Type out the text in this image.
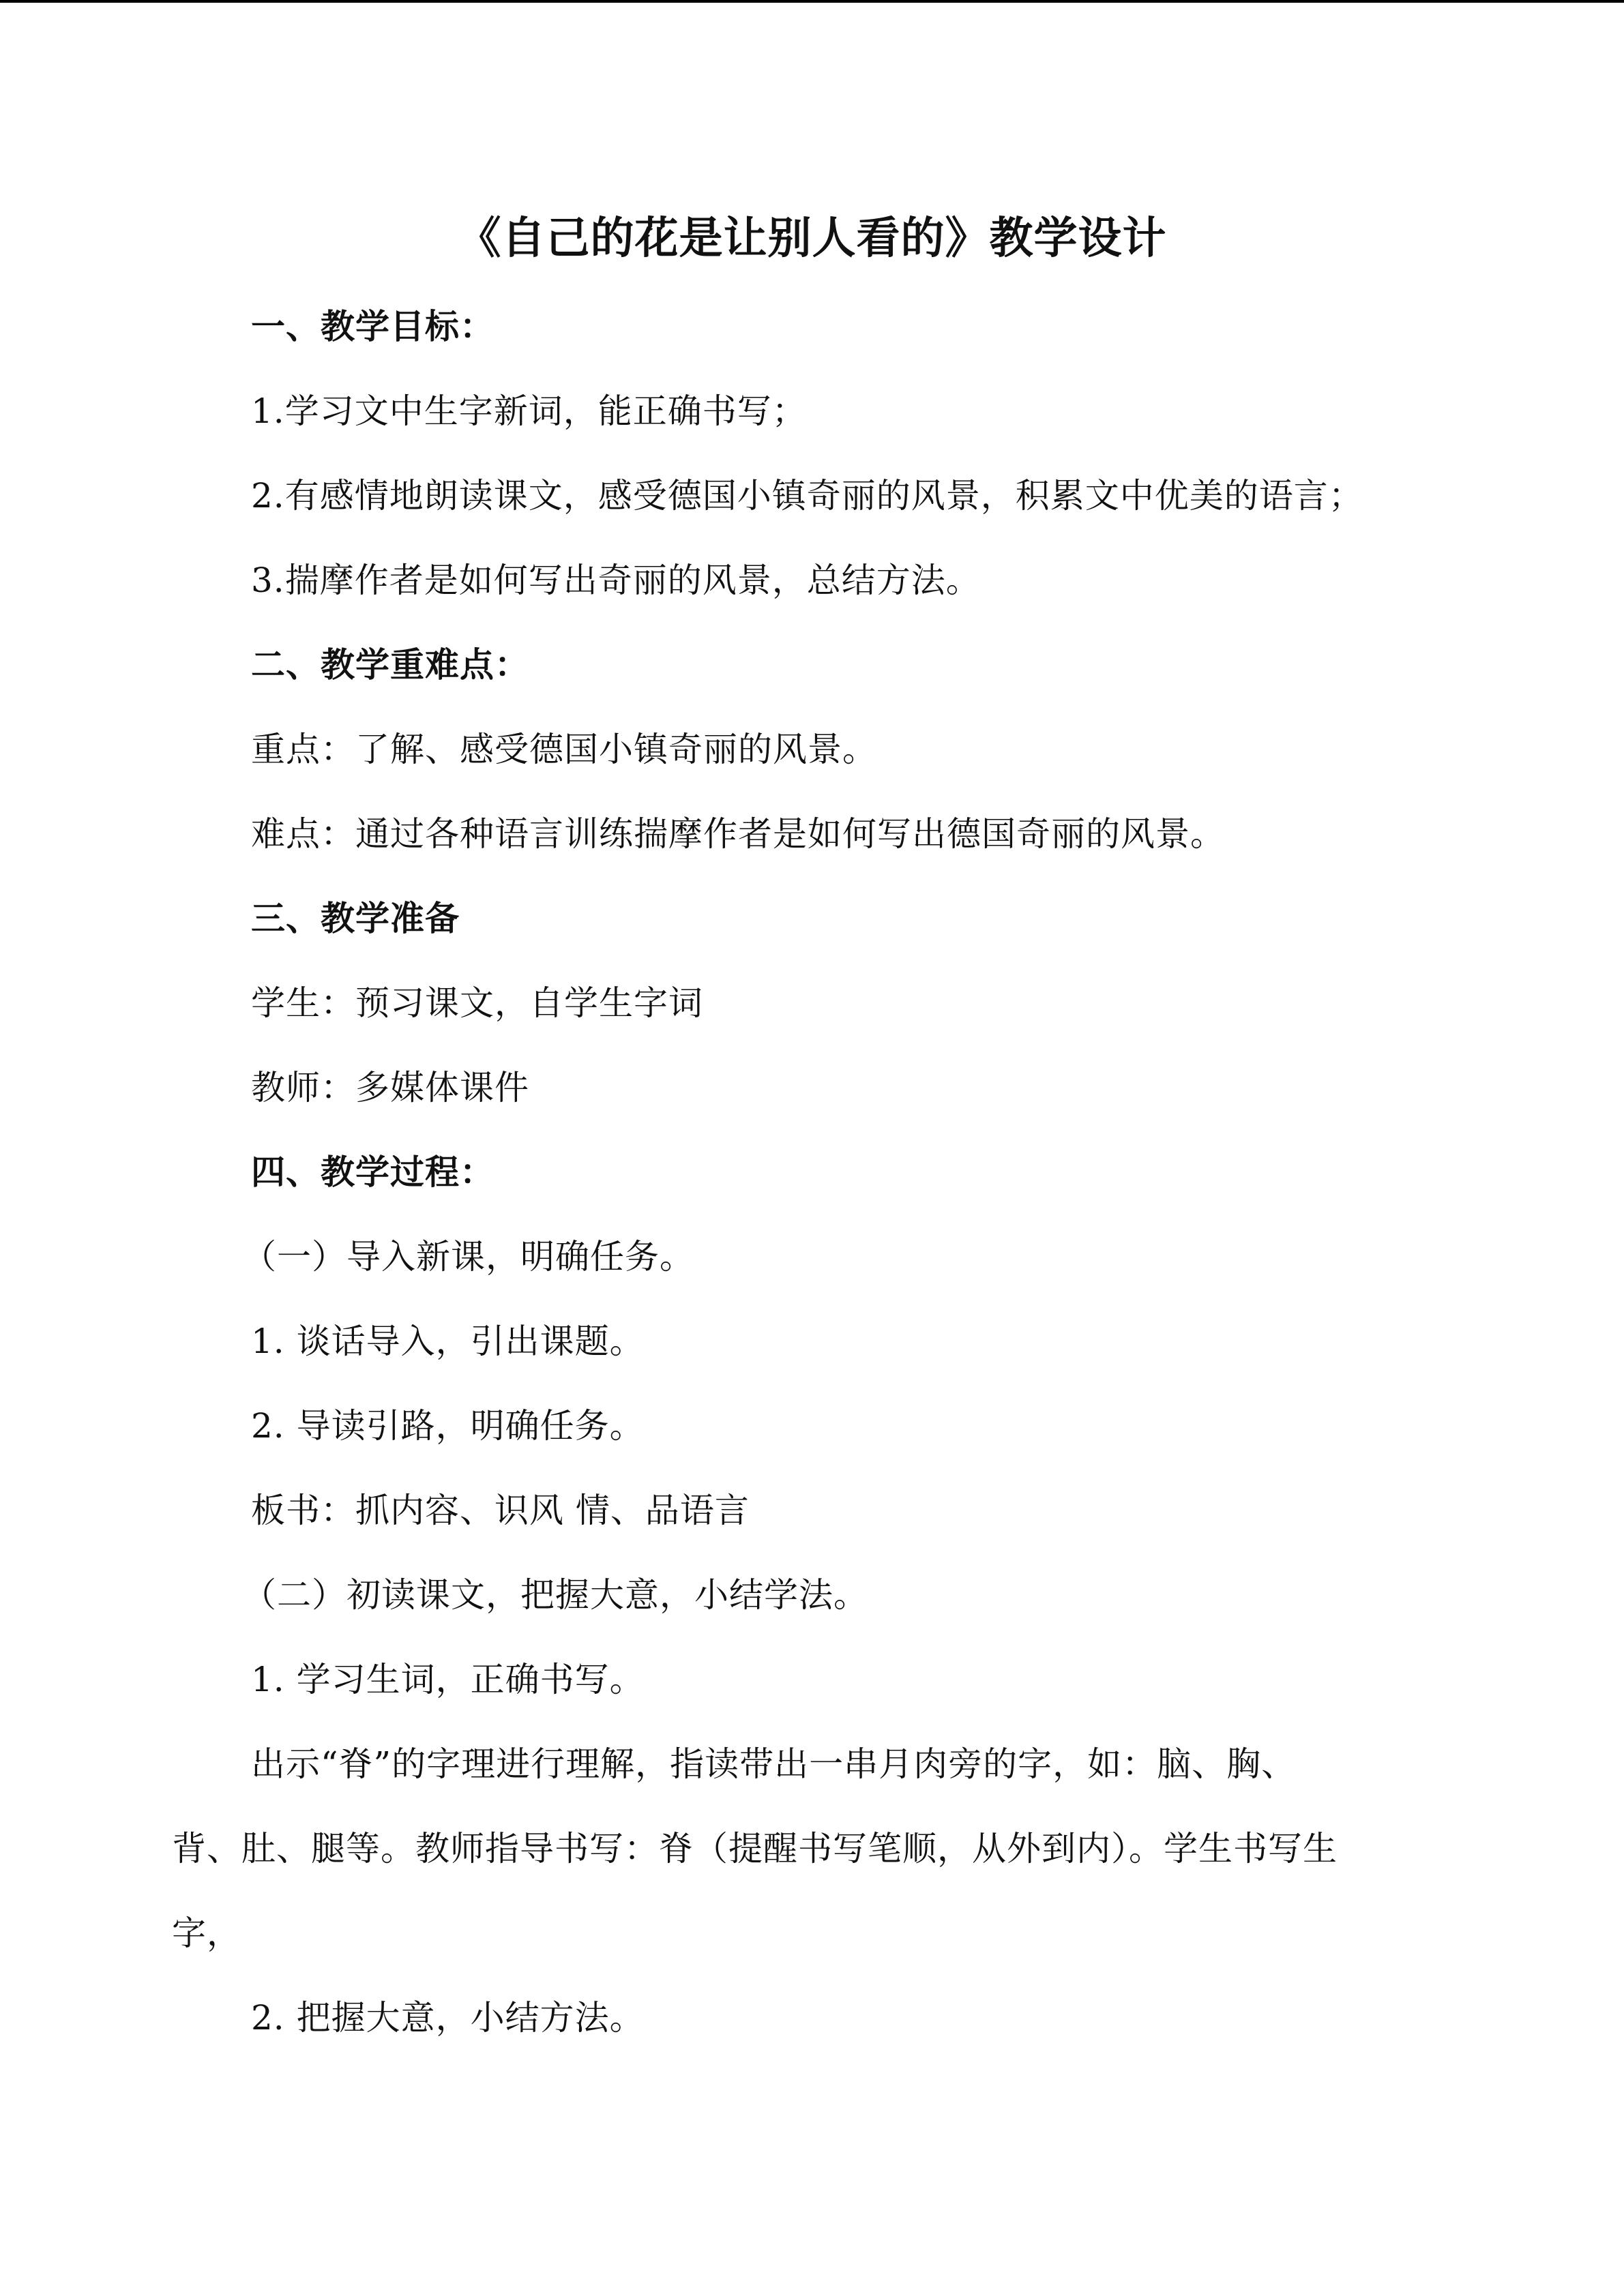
《自己的花是让别人看的》教学设计
一、教学目标：
1.学习文中生字新词，能正确书写；
2.有感情地朗读课文，感受德国小镇奇丽的风景，积累文中优美的语言；
3.揣摩作者是如何写出奇丽的风景，总结方法。
二、教学重难点：
重点：了解、感受德国小镇奇丽的风景。
难点：通过各种语言训练揣摩作者是如何写出德国奇丽的风景。
三、教学准备
学生：预习课文，自学生字词
教师：多媒体课件
四、教学过程：
（一）导入新课，明确任务。
1. 谈话导入，引出课题。
2. 导读引路，明确任务。
板书：抓内容、识风 情、品语言
（二）初读课文，把握大意，小结学法。
1. 学习生词，正确书写。
出示“脊”的字理进行理解，指读带出一串月肉旁的字，如：脑、胸、
背、肚、腿等。教师指导书写：脊（提醒书写笔顺，从外到内）。学生书写生
字，
2. 把握大意，小结方法。
